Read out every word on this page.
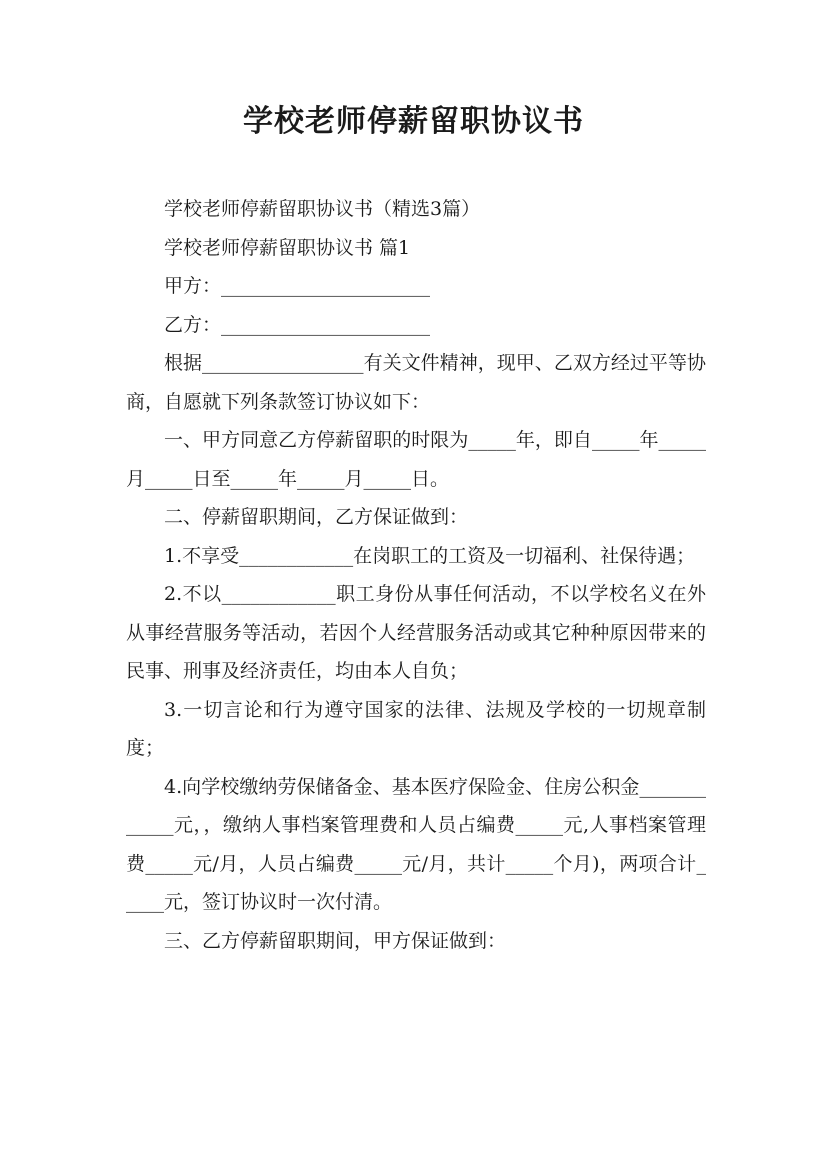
学校老师停薪留职协议书

学校老师停薪留职协议书（精选3篇）

学校老师停薪留职协议书 篇1

甲方：______________________

乙方：______________________

根据_________________有关文件精神，现甲、乙双方经过平等协商，自愿就下列条款签订协议如下：

一、甲方同意乙方停薪留职的时限为_____年，即自_____年_____月_____日至_____年_____月_____日。

二、停薪留职期间，乙方保证做到：

1.不享受____________在岗职工的工资及一切福利、社保待遇；

2.不以____________职工身份从事任何活动，不以学校名义在外从事经营服务等活动，若因个人经营服务活动或其它种种原因带来的民事、刑事及经济责任，均由本人自负；

3.一切言论和行为遵守国家的法律、法规及学校的一切规章制度；

4.向学校缴纳劳保储备金、基本医疗保险金、住房公积金____________元，，缴纳人事档案管理费和人员占编费_____元,人事档案管理费_____元/月，人员占编费_____元/月，共计_____个月)，两项合计_____元，签订协议时一次付清。

三、乙方停薪留职期间，甲方保证做到：
